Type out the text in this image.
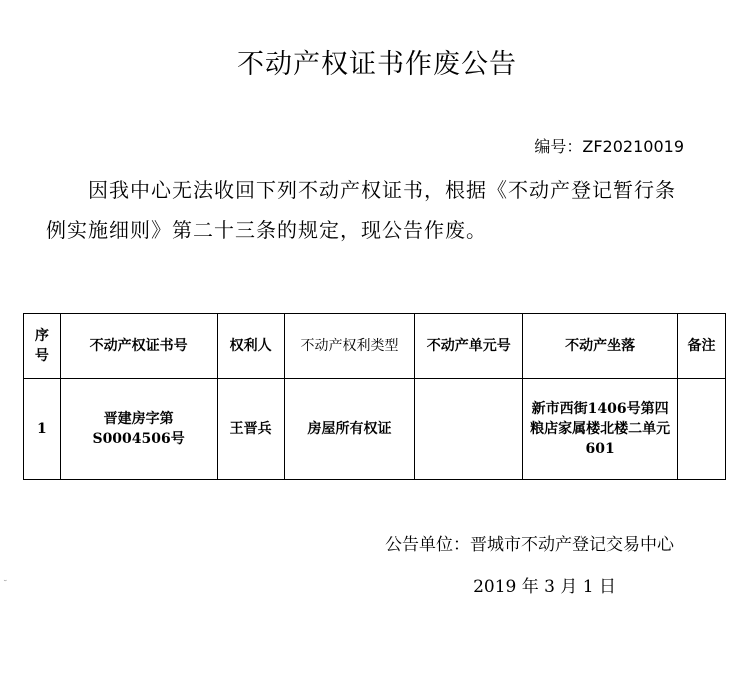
不动产权证书作废公告
编号：ZF20210019
因我中心无法收回下列不动产权证书，根据《不动产登记暂行条例实施细则》第二十三条的规定，现公告作废。
序号	不动产权证书号	权利人	不动产权利类型	不动产单元号	不动产坐落	备注
1	晋建房字第S0004506号	王晋兵	房屋所有权证		新市西街1406号第四粮店家属楼北楼二单元601	
公告单位：晋城市不动产登记交易中心
2019 年 3 月 1 日
˘
